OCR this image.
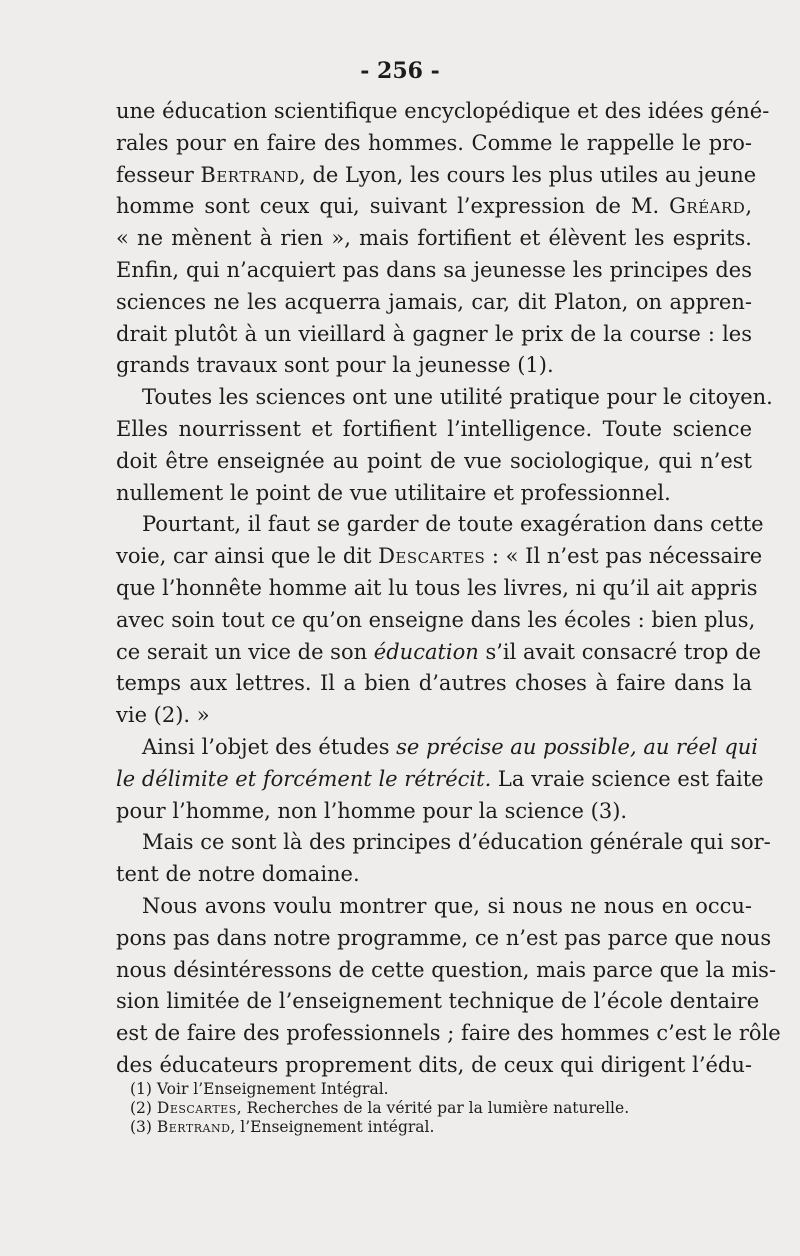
- 256 -
une éducation scientifique encyclopédique et des idées géné-
rales pour en faire des hommes. Comme le rappelle le pro-
fesseur Bertrand, de Lyon, les cours les plus utiles au jeune
homme sont ceux qui, suivant l’expression de M. Gréard,
« ne mènent à rien », mais fortifient et élèvent les esprits.
Enfin, qui n’acquiert pas dans sa jeunesse les principes des
sciences ne les acquerra jamais, car, dit Platon, on appren-
drait plutôt à un vieillard à gagner le prix de la course : les
grands travaux sont pour la jeunesse (1).
Toutes les sciences ont une utilité pratique pour le citoyen.
Elles nourrissent et fortifient l’intelligence. Toute science
doit être enseignée au point de vue sociologique, qui n’est
nullement le point de vue utilitaire et professionnel.
Pourtant, il faut se garder de toute exagération dans cette
voie, car ainsi que le dit Descartes : « Il n’est pas nécessaire
que l’honnête homme ait lu tous les livres, ni qu’il ait appris
avec soin tout ce qu’on enseigne dans les écoles : bien plus,
ce serait un vice de son éducation s’il avait consacré trop de
temps aux lettres. Il a bien d’autres choses à faire dans la
vie (2). »
Ainsi l’objet des études se précise au possible, au réel qui
le délimite et forcément le rétrécit. La vraie science est faite
pour l’homme, non l’homme pour la science (3).
Mais ce sont là des principes d’éducation générale qui sor-
tent de notre domaine.
Nous avons voulu montrer que, si nous ne nous en occu-
pons pas dans notre programme, ce n’est pas parce que nous
nous désintéressons de cette question, mais parce que la mis-
sion limitée de l’enseignement technique de l’école dentaire
est de faire des professionnels ; faire des hommes c’est le rôle
des éducateurs proprement dits, de ceux qui dirigent l’édu-
(1) Voir l’Enseignement Intégral.
(2) Descartes, Recherches de la vérité par la lumière naturelle.
(3) Bertrand, l’Enseignement intégral.
